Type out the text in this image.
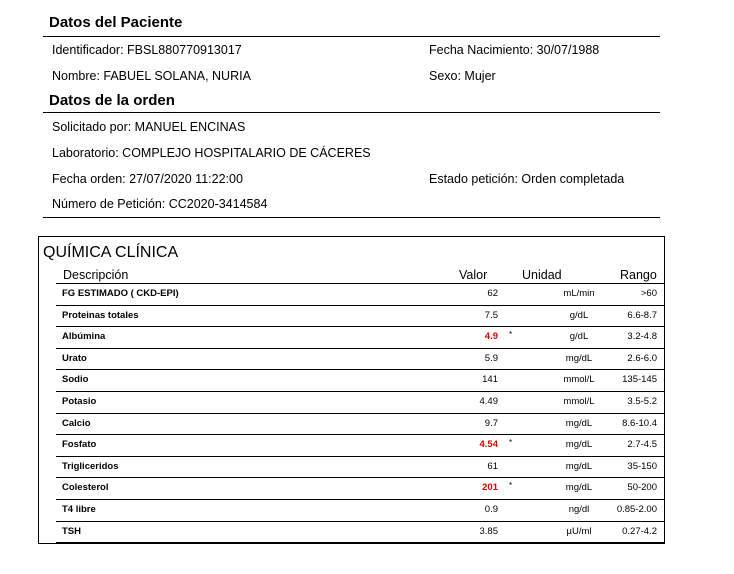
Datos del Paciente
Identificador: FBSL880770913017	Fecha Nacimiento: 30/07/1988
Nombre: FABUEL SOLANA, NURIA	Sexo: Mujer
Datos de la orden
Solicitado por: MANUEL ENCINAS
Laboratorio: COMPLEJO HOSPITALARIO DE CÁCERES
Fecha orden: 27/07/2020 11:22:00	Estado petición: Orden completada
Número de Petición: CC2020-3414584
QUÍMICA CLÍNICA
Descripción	Valor	Unidad	Rango
FG ESTIMADO ( CKD-EPI)	62	mL/min	>60
Proteinas totales	7.5	g/dL	6.6-8.7
Albúmina	4.9 *	g/dL	3.2-4.8
Urato	5.9	mg/dL	2.6-6.0
Sodio	141	mmol/L	135-145
Potasio	4.49	mmol/L	3.5-5.2
Calcio	9.7	mg/dL	8.6-10.4
Fosfato	4.54 *	mg/dL	2.7-4.5
Trigliceridos	61	mg/dL	35-150
Colesterol	201 *	mg/dL	50-200
T4 libre	0.9	ng/dl	0.85-2.00
TSH	3.85	µU/ml	0.27-4.2
